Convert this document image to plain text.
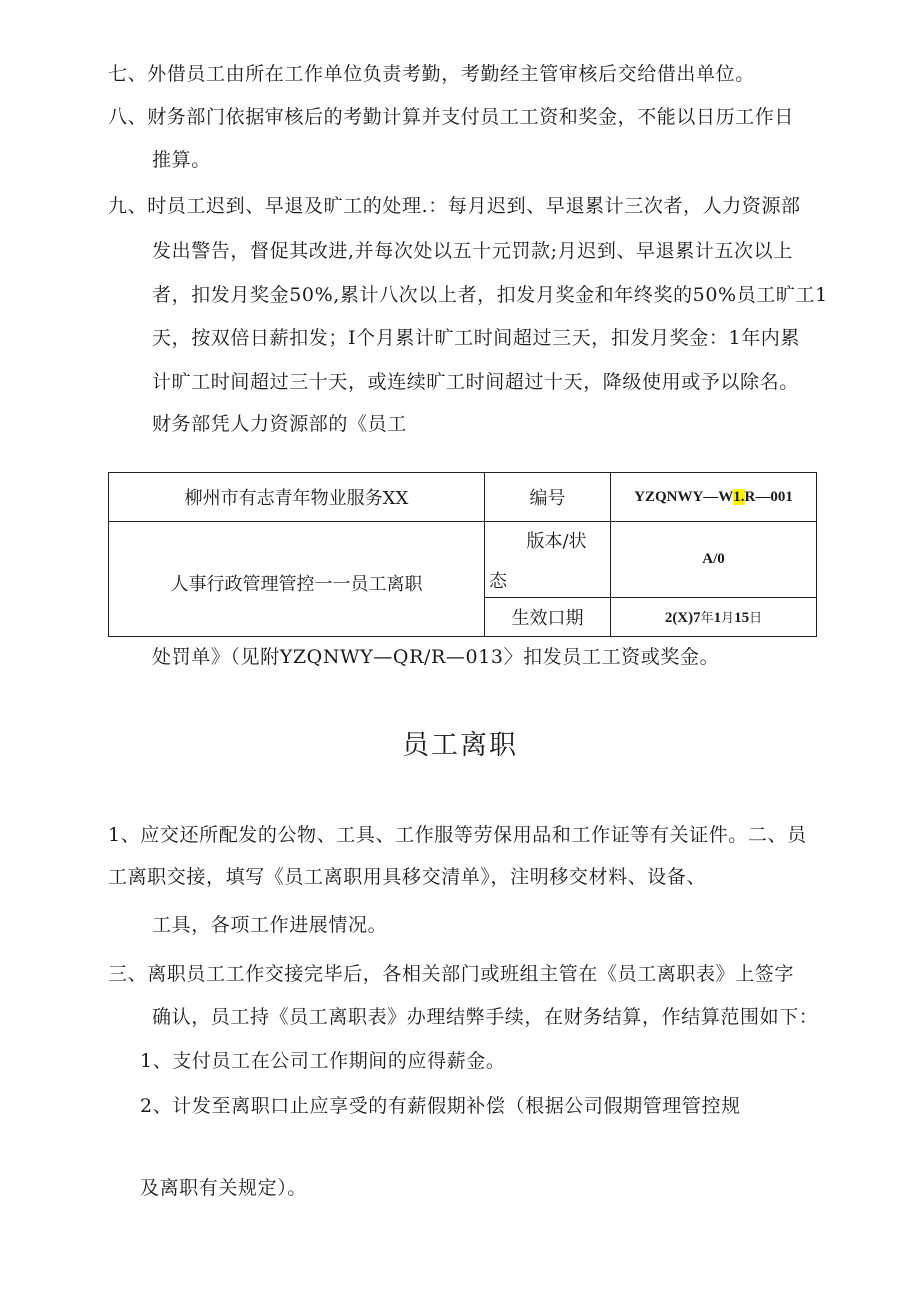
七、外借员工由所在工作单位负责考勤，考勤经主管审核后交给借出单位。
八、财务部门依据审核后的考勤计算并支付员工工资和奖金，不能以日历工作日
推算。
九、时员工迟到、早退及旷工的处理.：每月迟到、早退累计三次者，人力资源部
发出警告，督促其改进,并每次处以五十元罚款;月迟到、早退累计五次以上
者，扣发月奖金50%,累计八次以上者，扣发月奖金和年终奖的50%员工旷工1
天，按双倍日薪扣发；I个月累计旷工时间超过三天，扣发月奖金：1年内累
计旷工时间超过三十天，或连续旷工时间超过十天，降级使用或予以除名。
财务部凭人力资源部的《员工
柳州市有志青年物业服务XX	编号	YZQNWY—W1.R—001
人事行政管理管控一一员工离职	版本/状
态	A/0
	生效口期	2(X)7年1月15日
处罚单》（见附YZQNWY—QR/R—013〉扣发员工工资或奖金。
员工离职
1、应交还所配发的公物、工具、工作服等劳保用品和工作证等有关证件。二、员
工离职交接，填写《员工离职用具移交清单》，注明移交材料、设备、
工具，各项工作进展情况。
三、离职员工工作交接完毕后，各相关部门或班组主管在《员工离职表》上签字
确认，员工持《员工离职表》办理结弊手续，在财务结算，作结算范围如下：
1、支付员工在公司工作期间的应得薪金。
2、计发至离职口止应享受的有薪假期补偿（根据公司假期管理管控规
及离职有关规定）。
